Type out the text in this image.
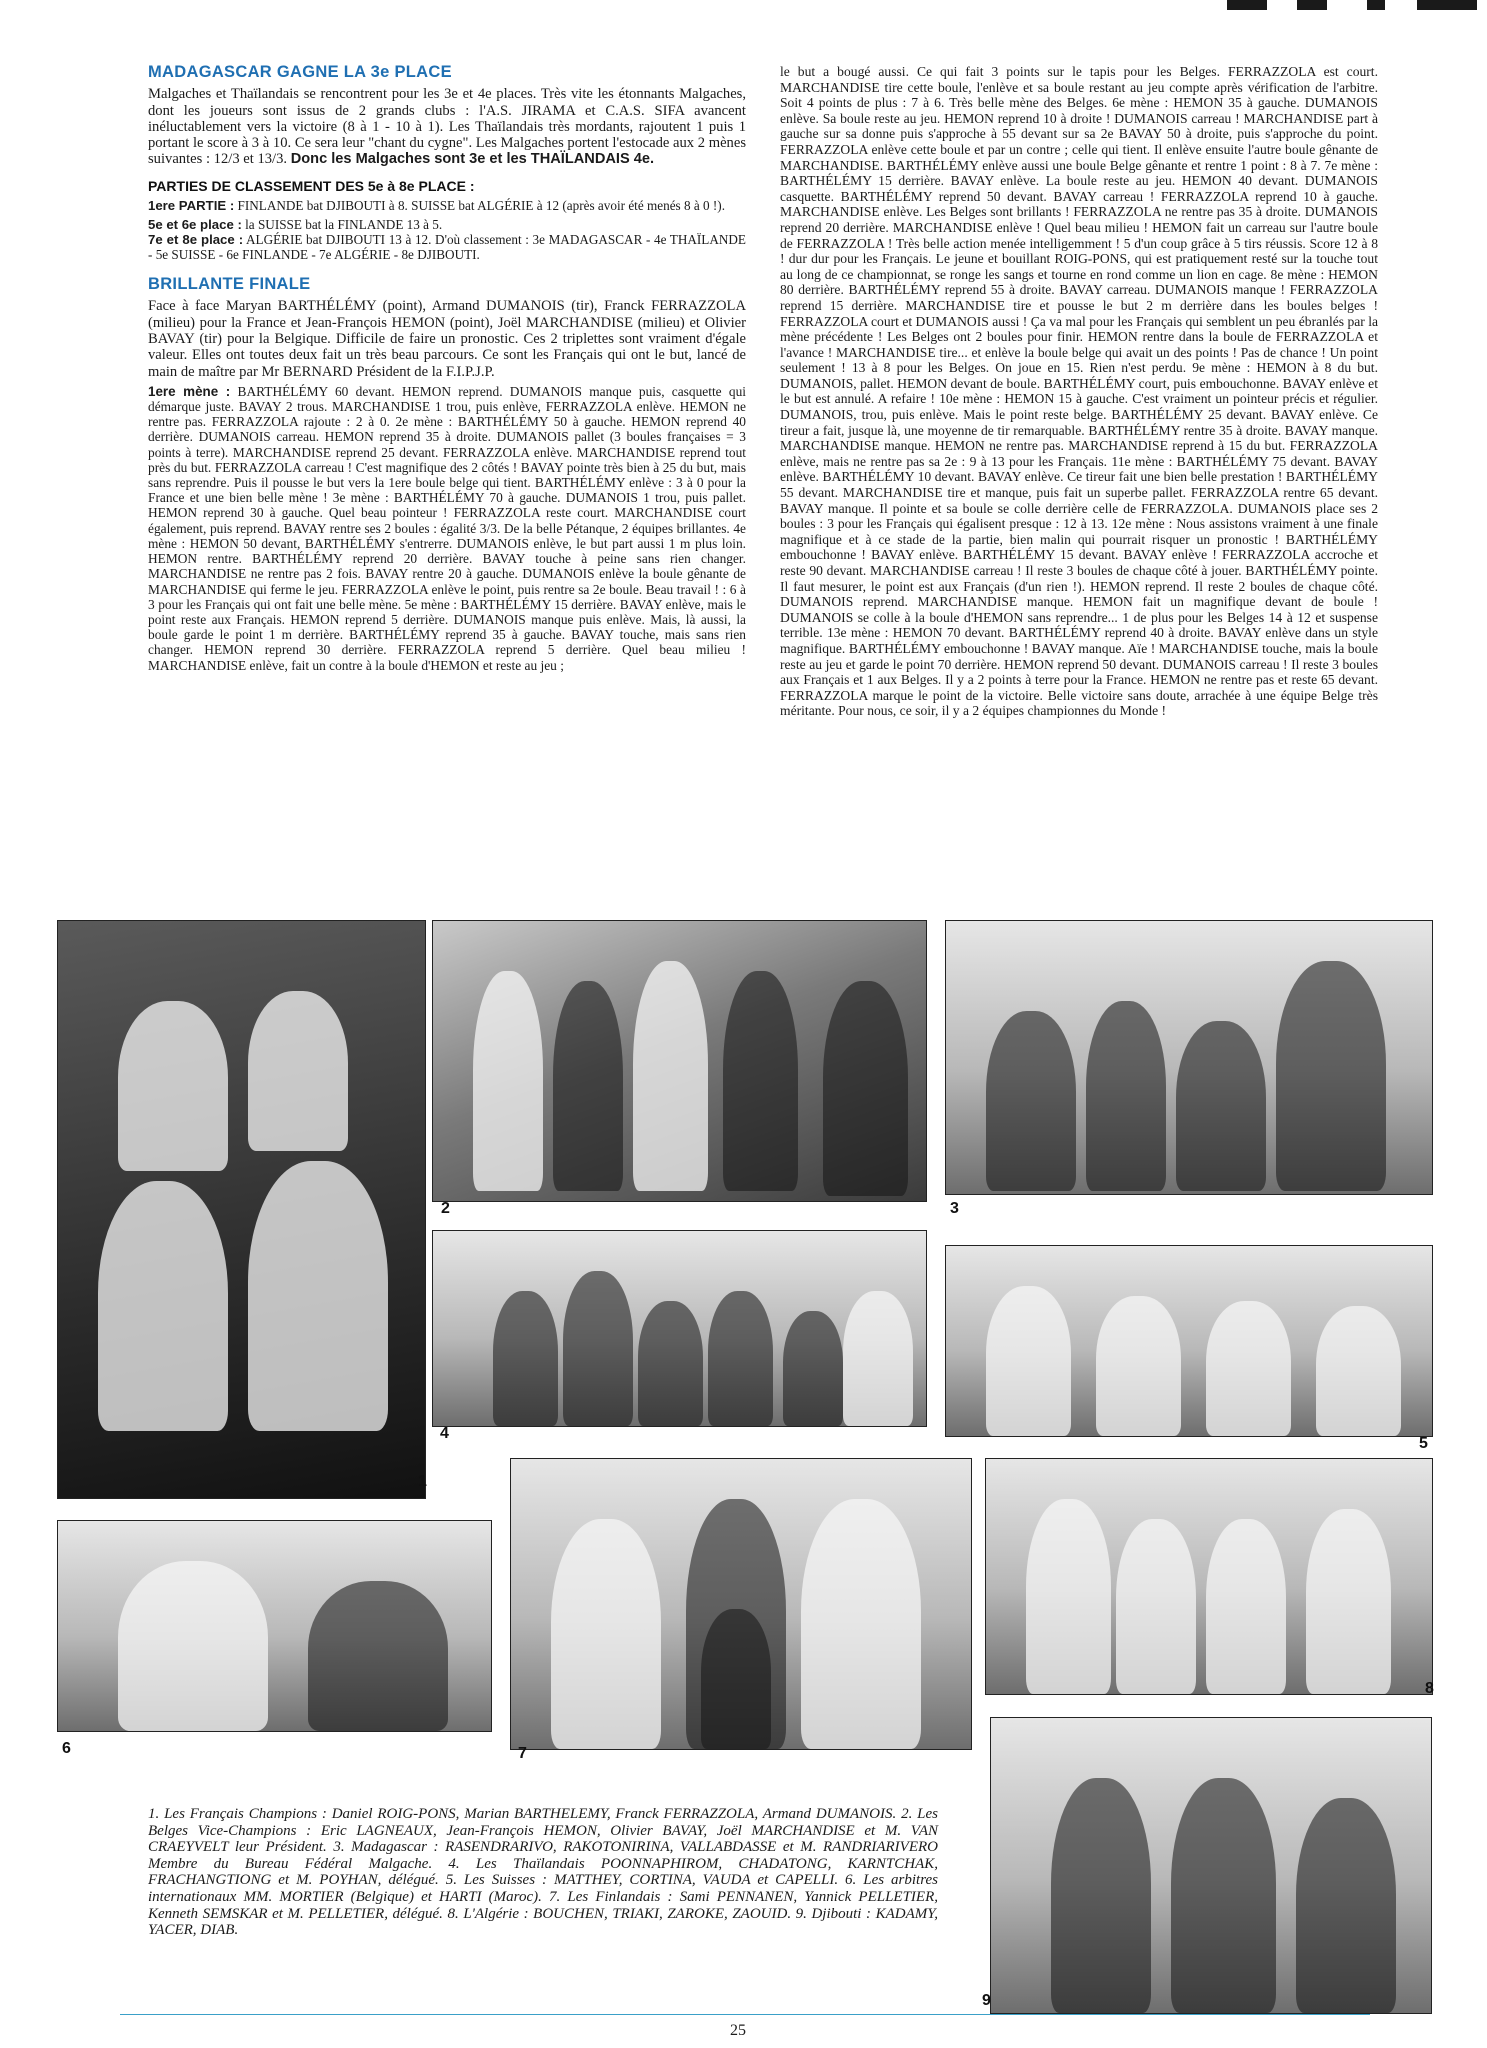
MADAGASCAR GAGNE LA 3e PLACE

Malgaches et Thaïlandais se rencontrent pour les 3e et 4e places. Très vite les étonnants Malgaches, dont les joueurs sont issus de 2 grands clubs : l'A.S. JIRAMA et C.A.S. SIFA avancent inéluctablement vers la victoire (8 à 1 - 10 à 1). Les Thaïlandais très mordants, rajoutent 1 puis 1 portant le score à 3 à 10. Ce sera leur "chant du cygne". Les Malgaches portent l'estocade aux 2 mènes suivantes : 12/3 et 13/3. Donc les Malgaches sont 3e et les THAÏLANDAIS 4e.

PARTIES DE CLASSEMENT DES 5e à 8e PLACE :

1ere PARTIE : FINLANDE bat DJIBOUTI à 8. SUISSE bat ALGÉRIE à 12 (après avoir été menés 8 à 0 !).

5e et 6e place : la SUISSE bat la FINLANDE 13 à 5.

7e et 8e place : ALGÉRIE bat DJIBOUTI 13 à 12. D'où classement : 3e MADAGASCAR - 4e THAÏLANDE - 5e SUISSE - 6e FINLANDE - 7e ALGÉRIE - 8e DJIBOUTI.

BRILLANTE FINALE

Face à face Maryan BARTHÉLÉMY (point), Armand DUMANOIS (tir), Franck FERRAZZOLA (milieu) pour la France et Jean-François HEMON (point), Joël MARCHANDISE (milieu) et Olivier BAVAY (tir) pour la Belgique. Difficile de faire un pronostic. Ces 2 triplettes sont vraiment d'égale valeur. Elles ont toutes deux fait un très beau parcours. Ce sont les Français qui ont le but, lancé de main de maître par Mr BERNARD Président de la F.I.P.J.P.

1ere mène : BARTHÉLÉMY 60 devant. HEMON reprend. DUMANOIS manque puis, casquette qui démarque juste. BAVAY 2 trous. MARCHANDISE 1 trou, puis enlève, FERRAZZOLA enlève. HEMON ne rentre pas. FERRAZZOLA rajoute : 2 à 0. 2e mène : BARTHÉLÉMY 50 à gauche. HEMON reprend 40 derrière. DUMANOIS carreau. HEMON reprend 35 à droite. DUMANOIS pallet (3 boules françaises = 3 points à terre). MARCHANDISE reprend 25 devant. FERRAZZOLA enlève. MARCHANDISE reprend tout près du but. FERRAZZOLA carreau ! C'est magnifique des 2 côtés ! BAVAY pointe très bien à 25 du but, mais sans reprendre. Puis il pousse le but vers la 1ere boule belge qui tient. BARTHÉLÉMY enlève : 3 à 0 pour la France et une bien belle mène ! 3e mène : BARTHÉLÉMY 70 à gauche. DUMANOIS 1 trou, puis pallet. HEMON reprend 30 à gauche. Quel beau pointeur ! FERRAZZOLA reste court. MARCHANDISE court également, puis reprend. BAVAY rentre ses 2 boules : égalité 3/3. De la belle Pétanque, 2 équipes brillantes. 4e mène : HEMON 50 devant, BARTHÉLÉMY s'entrerre. DUMANOIS enlève, le but part aussi 1 m plus loin. HEMON rentre. BARTHÉLÉMY reprend 20 derrière. BAVAY touche à peine sans rien changer. MARCHANDISE ne rentre pas 2 fois. BAVAY rentre 20 à gauche. DUMANOIS enlève la boule gênante de MARCHANDISE qui ferme le jeu. FERRAZZOLA enlève le point, puis rentre sa 2e boule. Beau travail ! : 6 à 3 pour les Français qui ont fait une belle mène. 5e mène : BARTHÉLÉMY 15 derrière. BAVAY enlève, mais le point reste aux Français. HEMON reprend 5 derrière. DUMANOIS manque puis enlève. Mais, là aussi, la boule garde le point 1 m derrière. BARTHÉLÉMY reprend 35 à gauche. BAVAY touche, mais sans rien changer. HEMON reprend 30 derrière. FERRAZZOLA reprend 5 derrière. Quel beau milieu ! MARCHANDISE enlève, fait un contre à la boule d'HEMON et reste au jeu ;

le but a bougé aussi. Ce qui fait 3 points sur le tapis pour les Belges. FERRAZZOLA est court. MARCHANDISE tire cette boule, l'enlève et sa boule restant au jeu compte après vérification de l'arbitre. Soit 4 points de plus : 7 à 6. Très belle mène des Belges. 6e mène : HEMON 35 à gauche. DUMANOIS enlève. Sa boule reste au jeu. HEMON reprend 10 à droite ! DUMANOIS carreau ! MARCHANDISE part à gauche sur sa donne puis s'approche à 55 devant sur sa 2e BAVAY 50 à droite, puis s'approche du point. FERRAZZOLA enlève cette boule et par un contre ; celle qui tient. Il enlève ensuite l'autre boule gênante de MARCHANDISE. BARTHÉLÉMY enlève aussi une boule Belge gênante et rentre 1 point : 8 à 7. 7e mène : BARTHÉLÉMY 15 derrière. BAVAY enlève. La boule reste au jeu. HEMON 40 devant. DUMANOIS casquette. BARTHÉLÉMY reprend 50 devant. BAVAY carreau ! FERRAZZOLA reprend 10 à gauche. MARCHANDISE enlève. Les Belges sont brillants ! FERRAZZOLA ne rentre pas 35 à droite. DUMANOIS reprend 20 derrière. MARCHANDISE enlève ! Quel beau milieu ! HEMON fait un carreau sur l'autre boule de FERRAZZOLA ! Très belle action menée intelligemment ! 5 d'un coup grâce à 5 tirs réussis. Score 12 à 8 ! dur dur pour les Français. Le jeune et bouillant ROIG-PONS, qui est pratiquement resté sur la touche tout au long de ce championnat, se ronge les sangs et tourne en rond comme un lion en cage. 8e mène : HEMON 80 derrière. BARTHÉLÉMY reprend 55 à droite. BAVAY carreau. DUMANOIS manque ! FERRAZZOLA reprend 15 derrière. MARCHANDISE tire et pousse le but 2 m derrière dans les boules belges ! FERRAZZOLA court et DUMANOIS aussi ! Ça va mal pour les Français qui semblent un peu ébranlés par la mène précédente ! Les Belges ont 2 boules pour finir. HEMON rentre dans la boule de FERRAZZOLA et l'avance ! MARCHANDISE tire... et enlève la boule belge qui avait un des points ! Pas de chance ! Un point seulement ! 13 à 8 pour les Belges. On joue en 15. Rien n'est perdu. 9e mène : HEMON à 8 du but. DUMANOIS, pallet. HEMON devant de boule. BARTHÉLÉMY court, puis embouchonne. BAVAY enlève et le but est annulé. A refaire ! 10e mène : HEMON 15 à gauche. C'est vraiment un pointeur précis et régulier. DUMANOIS, trou, puis enlève. Mais le point reste belge. BARTHÉLÉMY 25 devant. BAVAY enlève. Ce tireur a fait, jusque là, une moyenne de tir remarquable. BARTHÉLÉMY rentre 35 à droite. BAVAY manque. MARCHANDISE manque. HEMON ne rentre pas. MARCHANDISE reprend à 15 du but. FERRAZZOLA enlève, mais ne rentre pas sa 2e : 9 à 13 pour les Français. 11e mène : BARTHÉLÉMY 75 devant. BAVAY enlève. BARTHÉLÉMY 10 devant. BAVAY enlève. Ce tireur fait une bien belle prestation ! BARTHÉLÉMY 55 devant. MARCHANDISE tire et manque, puis fait un superbe pallet. FERRAZZOLA rentre 65 devant. BAVAY manque. Il pointe et sa boule se colle derrière celle de FERRAZZOLA. DUMANOIS place ses 2 boules : 3 pour les Français qui égalisent presque : 12 à 13. 12e mène : Nous assistons vraiment à une finale magnifique et à ce stade de la partie, bien malin qui pourrait risquer un pronostic ! BARTHÉLÉMY embouchonne ! BAVAY enlève. BARTHÉLÉMY 15 devant. BAVAY enlève ! FERRAZZOLA accroche et reste 90 devant. MARCHANDISE carreau ! Il reste 3 boules de chaque côté à jouer. BARTHÉLÉMY pointe. Il faut mesurer, le point est aux Français (d'un rien !). HEMON reprend. Il reste 2 boules de chaque côté. DUMANOIS reprend. MARCHANDISE manque. HEMON fait un magnifique devant de boule ! DUMANOIS se colle à la boule d'HEMON sans reprendre... 1 de plus pour les Belges 14 à 12 et suspense terrible. 13e mène : HEMON 70 devant. BARTHÉLÉMY reprend 40 à droite. BAVAY enlève dans un style magnifique. BARTHÉLÉMY embouchonne ! BAVAY manque. Aïe ! MARCHANDISE touche, mais la boule reste au jeu et garde le point 70 derrière. HEMON reprend 50 devant. DUMANOIS carreau ! Il reste 3 boules aux Français et 1 aux Belges. Il y a 2 points à terre pour la France. HEMON ne rentre pas et reste 65 devant. FERRAZZOLA marque le point de la victoire. Belle victoire sans doute, arrachée à une équipe Belge très méritante. Pour nous, ce soir, il y a 2 équipes championnes du Monde !

1
2	3
4
5
6	7
8
9
1. Les Français Champions : Daniel ROIG-PONS, Marian BARTHELEMY, Franck FERRAZZOLA, Armand DUMANOIS. 2. Les Belges Vice-Champions : Eric LAGNEAUX, Jean-François HEMON, Olivier BAVAY, Joël MARCHANDISE et M. VAN CRAEYVELT leur Président. 3. Madagascar : RASENDRARIVO, RAKOTONIRINA, VALLABDASSE et M. RANDRIARIVERO Membre du Bureau Fédéral Malgache. 4. Les Thaïlandais POONNAPHIROM, CHADATONG, KARNTCHAK, FRACHANGTIONG et M. POYHAN, délégué. 5. Les Suisses : MATTHEY, CORTINA, VAUDA et CAPELLI. 6. Les arbitres internationaux MM. MORTIER (Belgique) et HARTI (Maroc). 7. Les Finlandais : Sami PENNANEN, Yannick PELLETIER, Kenneth SEMSKAR et M. PELLETIER, délégué. 8. L'Algérie : BOUCHEN, TRIAKI, ZAROKE, ZAOUID. 9. Djibouti : KADAMY, YACER, DIAB.
25
